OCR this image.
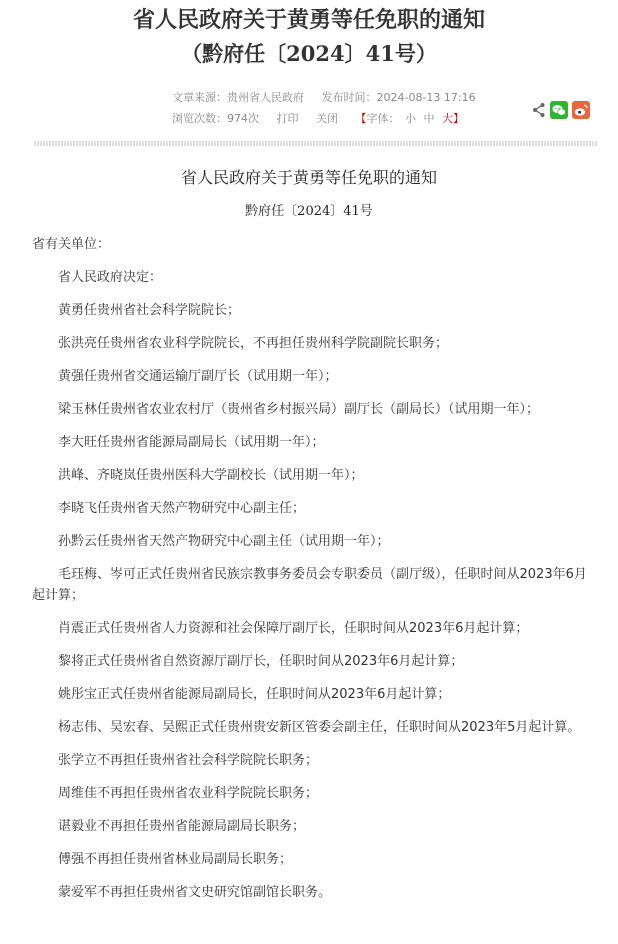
省人民政府关于黄勇等任免职的通知
（黔府任〔2024〕41号）
文章来源：贵州省人民政府 发布时间：2024-08-13 17:16
浏览次数：974次 打印 关闭 【字体： 小 中 大】
省人民政府关于黄勇等任免职的通知
黔府任〔2024〕41号
省有关单位：

省人民政府决定：

黄勇任贵州省社会科学院院长；

张洪亮任贵州省农业科学院院长，不再担任贵州科学院副院长职务；

黄强任贵州省交通运输厅副厅长（试用期一年）；

梁玉林任贵州省农业农村厅（贵州省乡村振兴局）副厅长（副局长）（试用期一年）；

李大旺任贵州省能源局副局长（试用期一年）；

洪峰、齐晓岚任贵州医科大学副校长（试用期一年）；

李晓飞任贵州省天然产物研究中心副主任；

孙黔云任贵州省天然产物研究中心副主任（试用期一年）；

毛珏梅、岑可正式任贵州省民族宗教事务委员会专职委员（副厅级），任职时间从2023年6月起计算；

肖震正式任贵州省人力资源和社会保障厅副厅长，任职时间从2023年6月起计算；

黎将正式任贵州省自然资源厅副厅长，任职时间从2023年6月起计算；

姚彤宝正式任贵州省能源局副局长，任职时间从2023年6月起计算；

杨志伟、吴宏春、吴熙正式任贵州贵安新区管委会副主任，任职时间从2023年5月起计算。

张学立不再担任贵州省社会科学院院长职务；

周维佳不再担任贵州省农业科学院院长职务；

谌毅业不再担任贵州省能源局副局长职务；

傅强不再担任贵州省林业局副局长职务；

蒙爱军不再担任贵州省文史研究馆副馆长职务。
